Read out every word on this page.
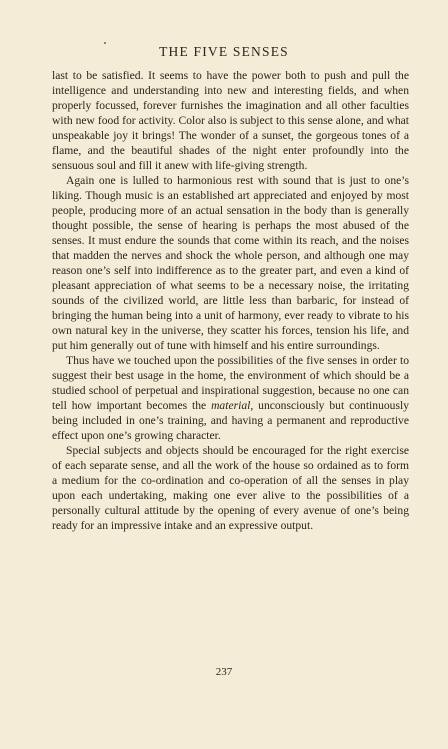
THE FIVE SENSES

last to be satisfied. It seems to have the power both to push and pull the intelligence and understanding into new and interesting fields, and when properly focussed, forever furnishes the imagination and all other faculties with new food for activity. Color also is subject to this sense alone, and what unspeakable joy it brings! The wonder of a sunset, the gorgeous tones of a flame, and the beautiful shades of the night enter profoundly into the sensuous soul and fill it anew with life-giving strength.

Again one is lulled to harmonious rest with sound that is just to one’s liking. Though music is an established art appreciated and enjoyed by most people, producing more of an actual sensation in the body than is generally thought possible, the sense of hearing is perhaps the most abused of the senses. It must endure the sounds that come within its reach, and the noises that madden the nerves and shock the whole person, and although one may reason one’s self into indifference as to the greater part, and even a kind of pleasant appreciation of what seems to be a necessary noise, the irritating sounds of the civilized world, are little less than barbaric, for instead of bringing the human being into a unit of harmony, ever ready to vibrate to his own natural key in the universe, they scatter his forces, tension his life, and put him generally out of tune with himself and his entire surroundings.

Thus have we touched upon the possibilities of the five senses in order to suggest their best usage in the home, the environment of which should be a studied school of perpetual and inspirational suggestion, because no one can tell how important becomes the material, unconsciously but continuously being included in one’s training, and having a permanent and reproductive effect upon one’s growing character.

Special subjects and objects should be encouraged for the right exercise of each separate sense, and all the work of the house so ordained as to form a medium for the co-ordination and co-operation of all the senses in play upon each undertaking, making one ever alive to the possibilities of a personally cultural attitude by the opening of every avenue of one’s being ready for an impressive intake and an expressive output.

237
